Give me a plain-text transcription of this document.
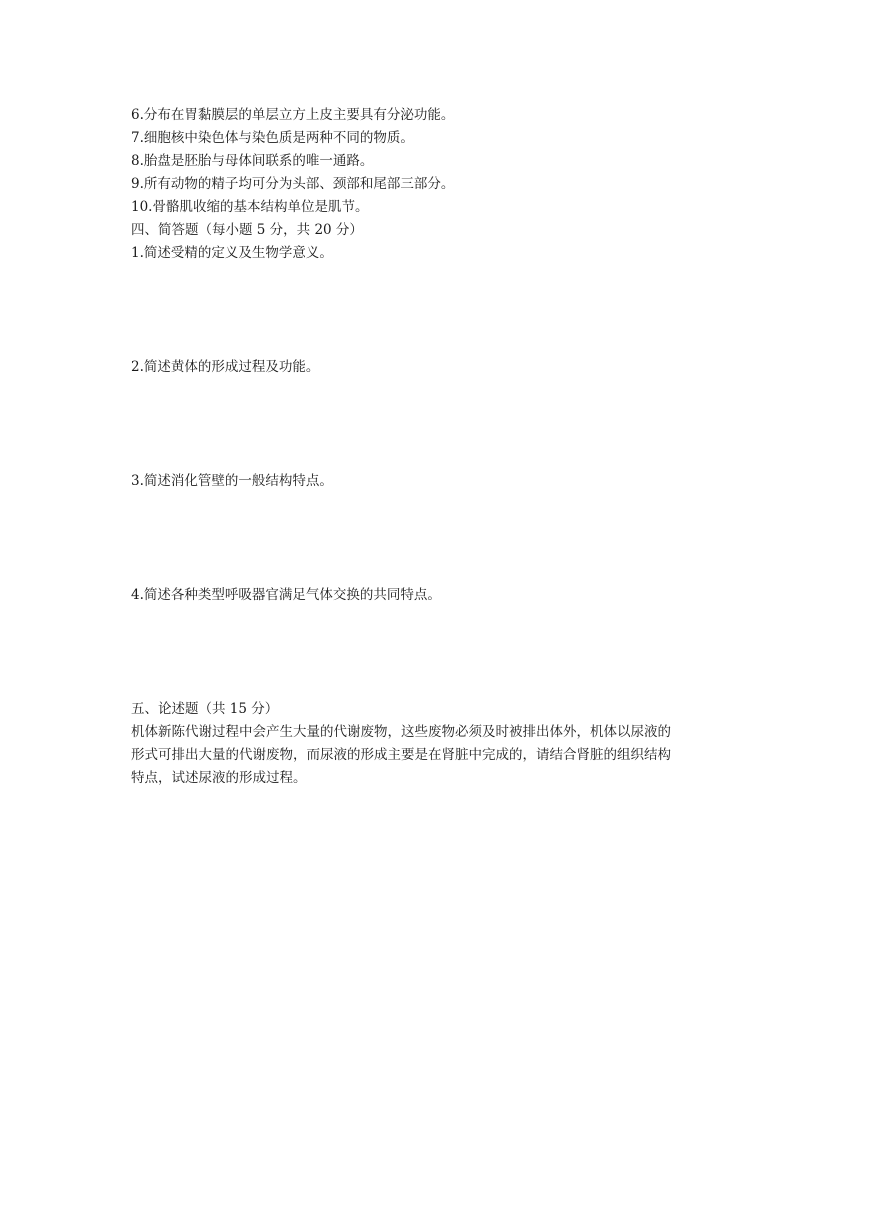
6.分布在胃黏膜层的单层立方上皮主要具有分泌功能。
7.细胞核中染色体与染色质是两种不同的物质。
8.胎盘是胚胎与母体间联系的唯一通路。
9.所有动物的精子均可分为头部、颈部和尾部三部分。
10.骨骼肌收缩的基本结构单位是肌节。
四、简答题（每小题 5 分，共 20 分）
1.简述受精的定义及生物学意义。
2.简述黄体的形成过程及功能。
3.简述消化管壁的一般结构特点。
4.简述各种类型呼吸器官满足气体交换的共同特点。
五、论述题（共 15 分）
机体新陈代谢过程中会产生大量的代谢废物，这些废物必须及时被排出体外，机体以尿液的
形式可排出大量的代谢废物，而尿液的形成主要是在肾脏中完成的，请结合肾脏的组织结构
特点，试述尿液的形成过程。
